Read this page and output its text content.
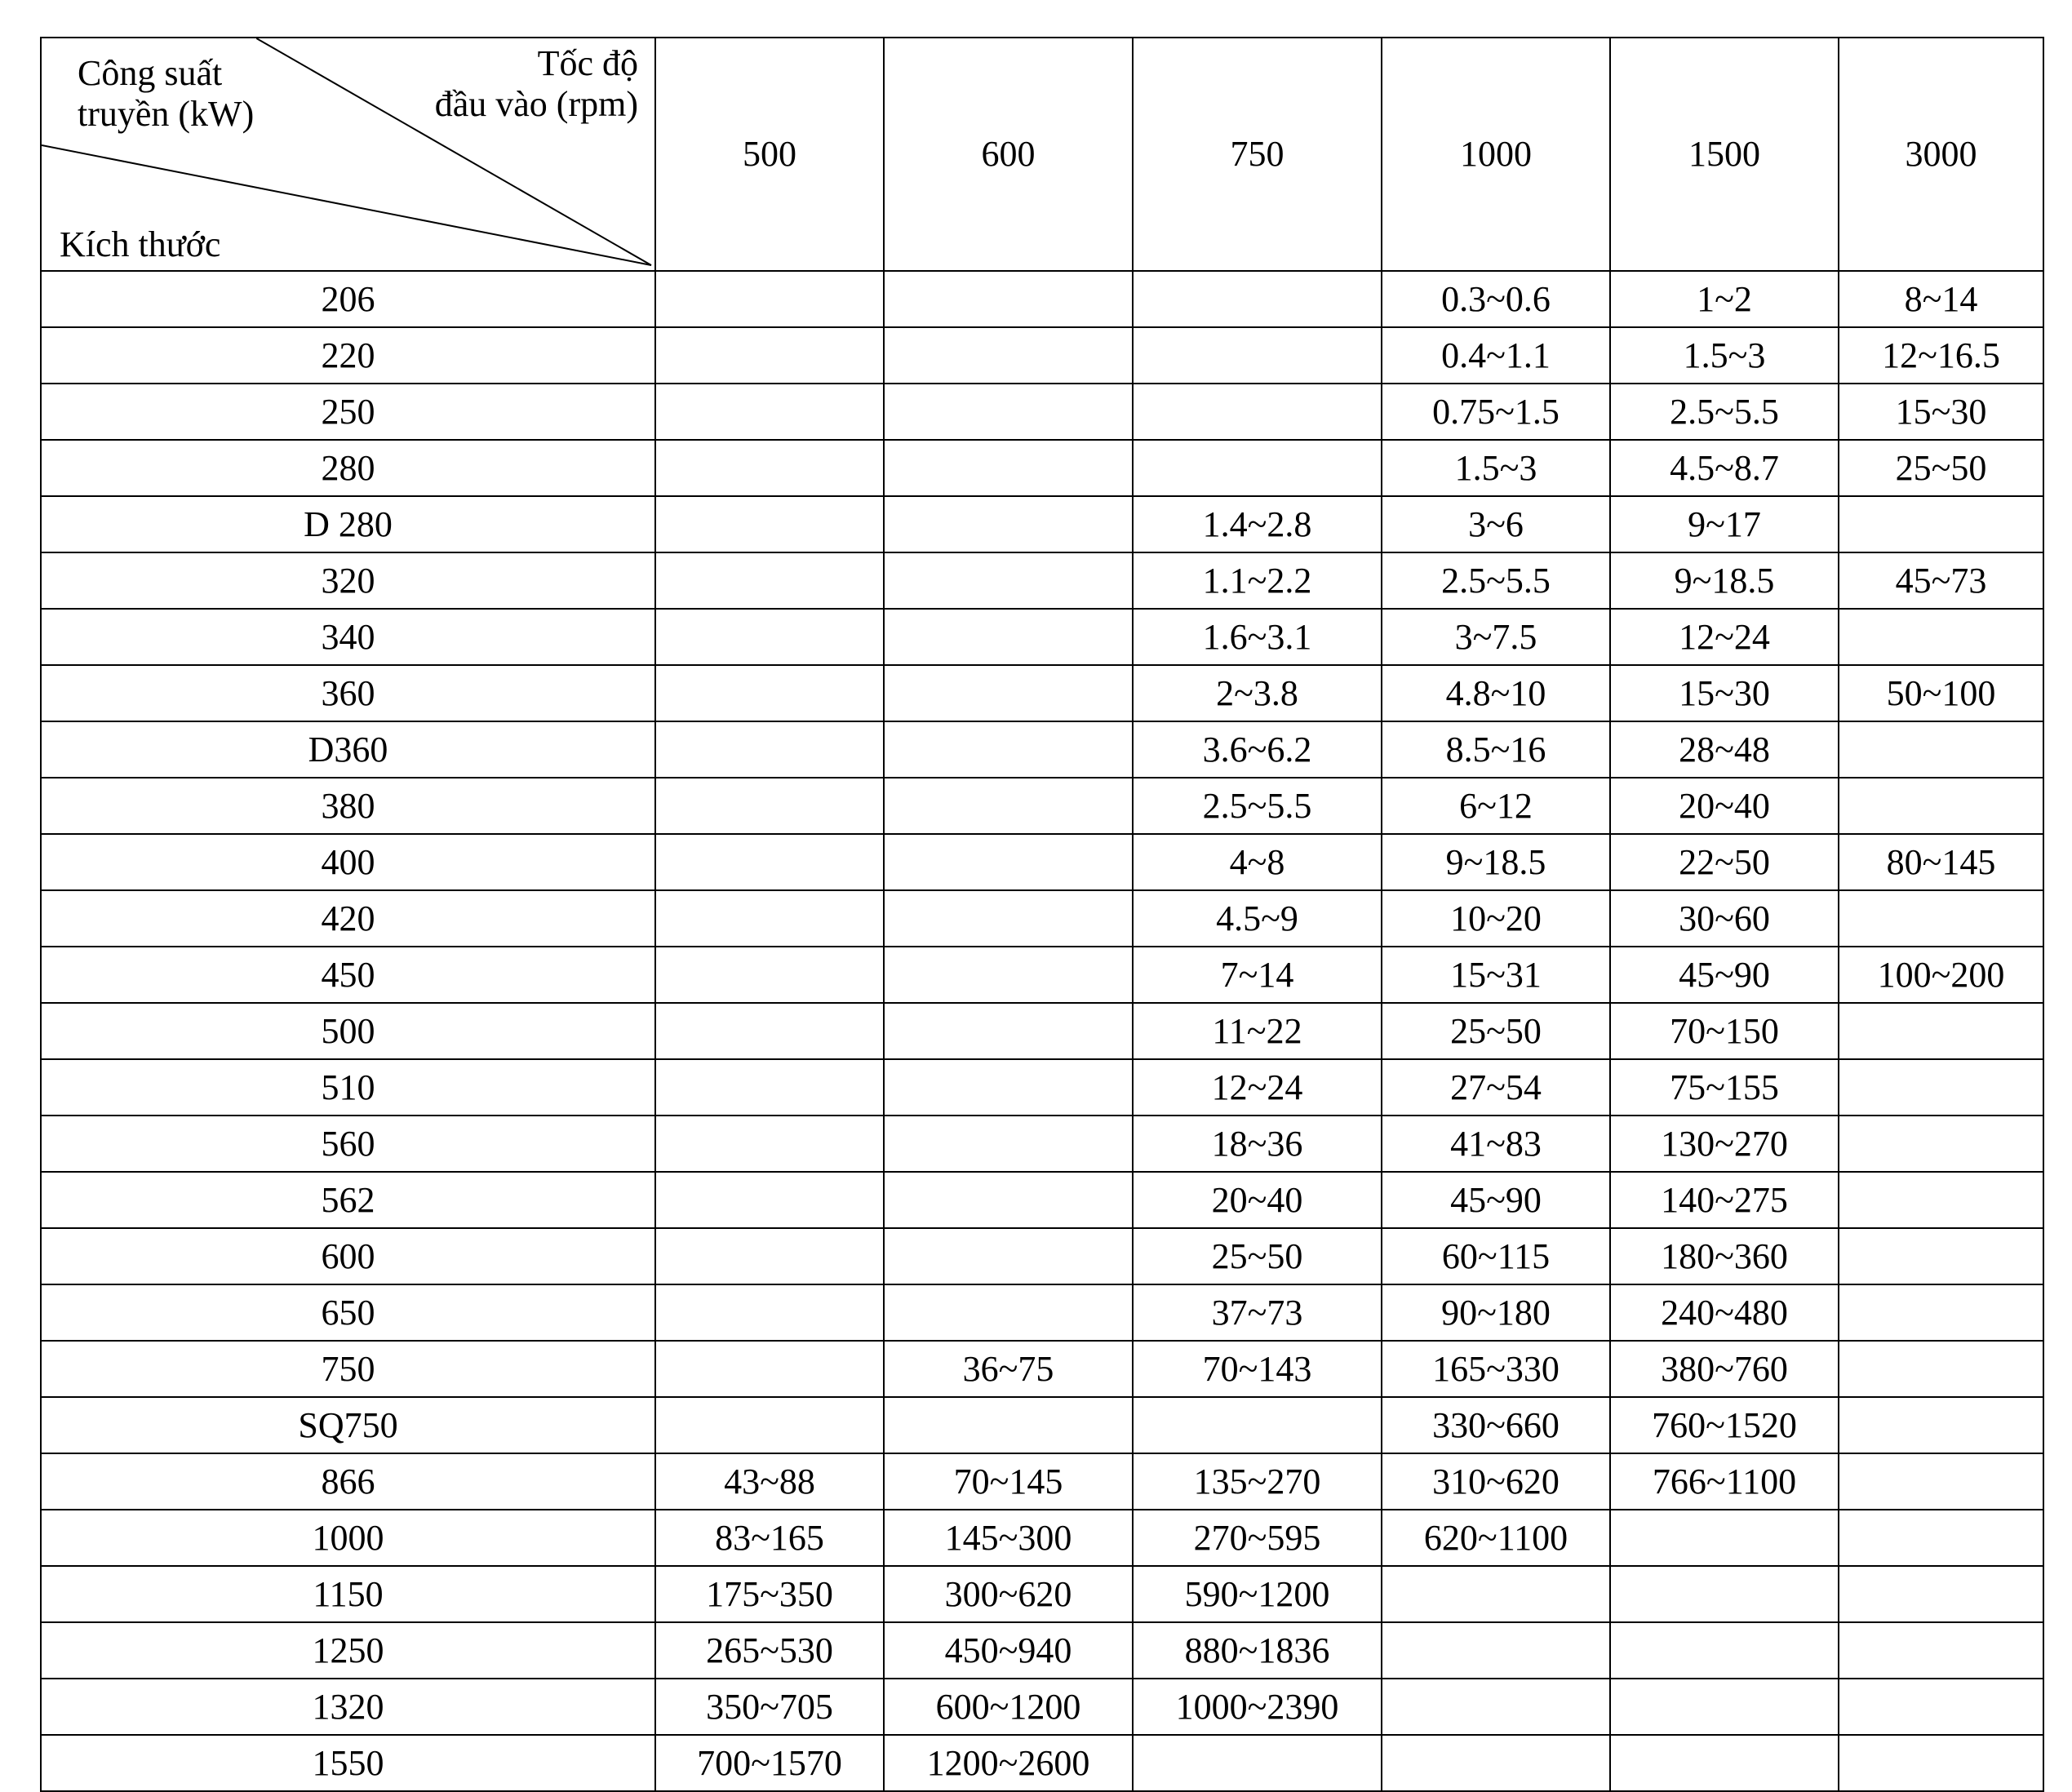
Công suất
truyền (kW)
Tốc độ
đầu vào (rpm)
Kích thước	500	600	750	1000	1500	3000
206				0.3~0.6	1~2	8~14
220				0.4~1.1	1.5~3	12~16.5
250				0.75~1.5	2.5~5.5	15~30
280				1.5~3	4.5~8.7	25~50
D 280			1.4~2.8	3~6	9~17	
320			1.1~2.2	2.5~5.5	9~18.5	45~73
340			1.6~3.1	3~7.5	12~24	
360			2~3.8	4.8~10	15~30	50~100
D360			3.6~6.2	8.5~16	28~48	
380			2.5~5.5	6~12	20~40	
400			4~8	9~18.5	22~50	80~145
420			4.5~9	10~20	30~60	
450			7~14	15~31	45~90	100~200
500			11~22	25~50	70~150	
510			12~24	27~54	75~155	
560			18~36	41~83	130~270	
562			20~40	45~90	140~275	
600			25~50	60~115	180~360	
650			37~73	90~180	240~480	
750		36~75	70~143	165~330	380~760	
SQ750				330~660	760~1520	
866	43~88	70~145	135~270	310~620	766~1100	
1000	83~165	145~300	270~595	620~1100		
1150	175~350	300~620	590~1200			
1250	265~530	450~940	880~1836			
1320	350~705	600~1200	1000~2390			
1550	700~1570	1200~2600				
